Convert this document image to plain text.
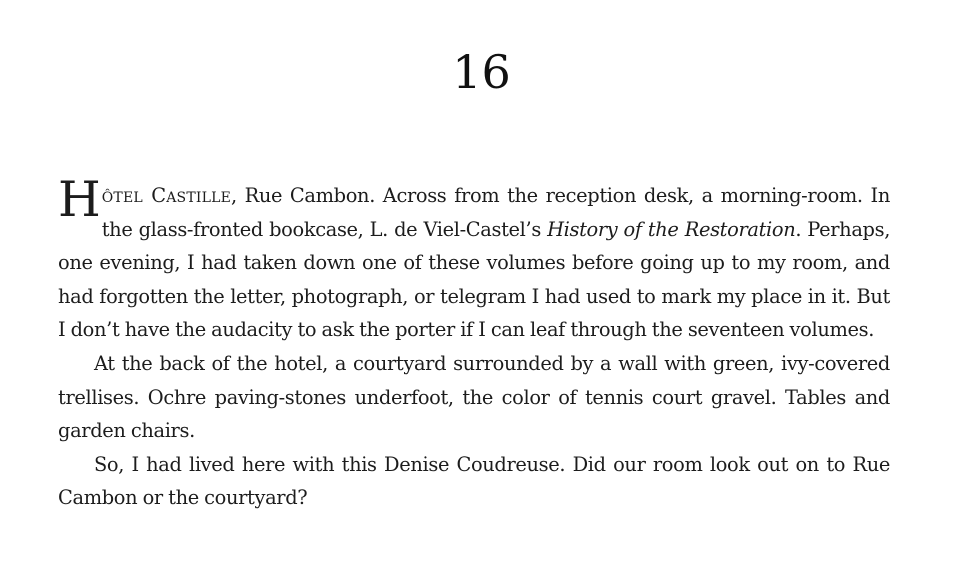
16

Hôtel Castille, Rue Cambon. Across from the reception desk, a morning-room. In the glass-fronted bookcase, L. de Viel-Castel’s History of the Restoration. Perhaps, one evening, I had taken down one of these volumes before going up to my room, and had forgotten the letter, photograph, or telegram I had used to mark my place in it. But I don’t have the audacity to ask the porter if I can leaf through the seventeen volumes.

At the back of the hotel, a courtyard surrounded by a wall with green, ivy-covered trellises. Ochre paving-stones underfoot, the color of tennis court gravel. Tables and garden chairs.

So, I had lived here with this Denise Coudreuse. Did our room look out on to Rue Cambon or the courtyard?
